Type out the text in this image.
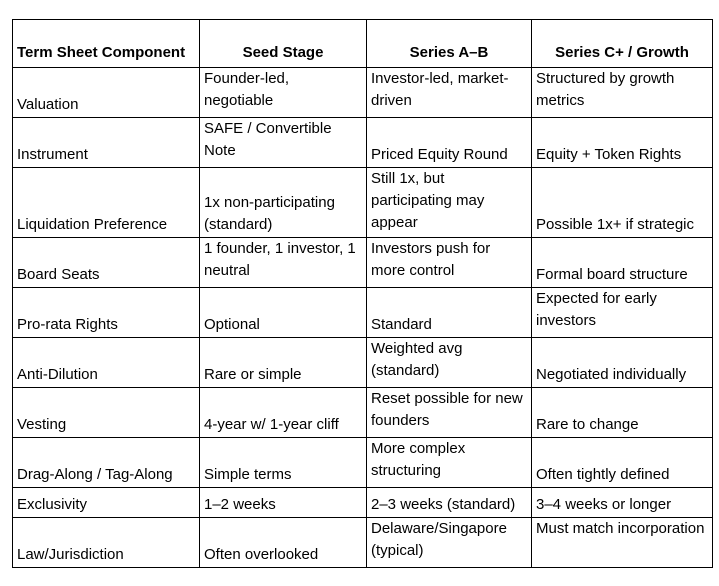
Term Sheet Component	Seed Stage	Series A–B	Series C+ / Growth
Valuation	Founder-led, negotiable	Investor-led, market-driven	Structured by growth metrics
Instrument	SAFE / Convertible Note	Priced Equity Round	Equity + Token Rights
Liquidation Preference	1x non-participating (standard)	Still 1x, but participating may appear	Possible 1x+ if strategic
Board Seats	1 founder, 1 investor, 1 neutral	Investors push for more control	Formal board structure
Pro-rata Rights	Optional	Standard	Expected for early investors
Anti-Dilution	Rare or simple	Weighted avg (standard)	Negotiated individually
Vesting	4-year w/ 1-year cliff	Reset possible for new founders	Rare to change
Drag-Along / Tag-Along	Simple terms	More complex structuring	Often tightly defined
Exclusivity	1–2 weeks	2–3 weeks (standard)	3–4 weeks or longer
Law/Jurisdiction	Often overlooked	Delaware/Singapore (typical)	Must match incorporation
